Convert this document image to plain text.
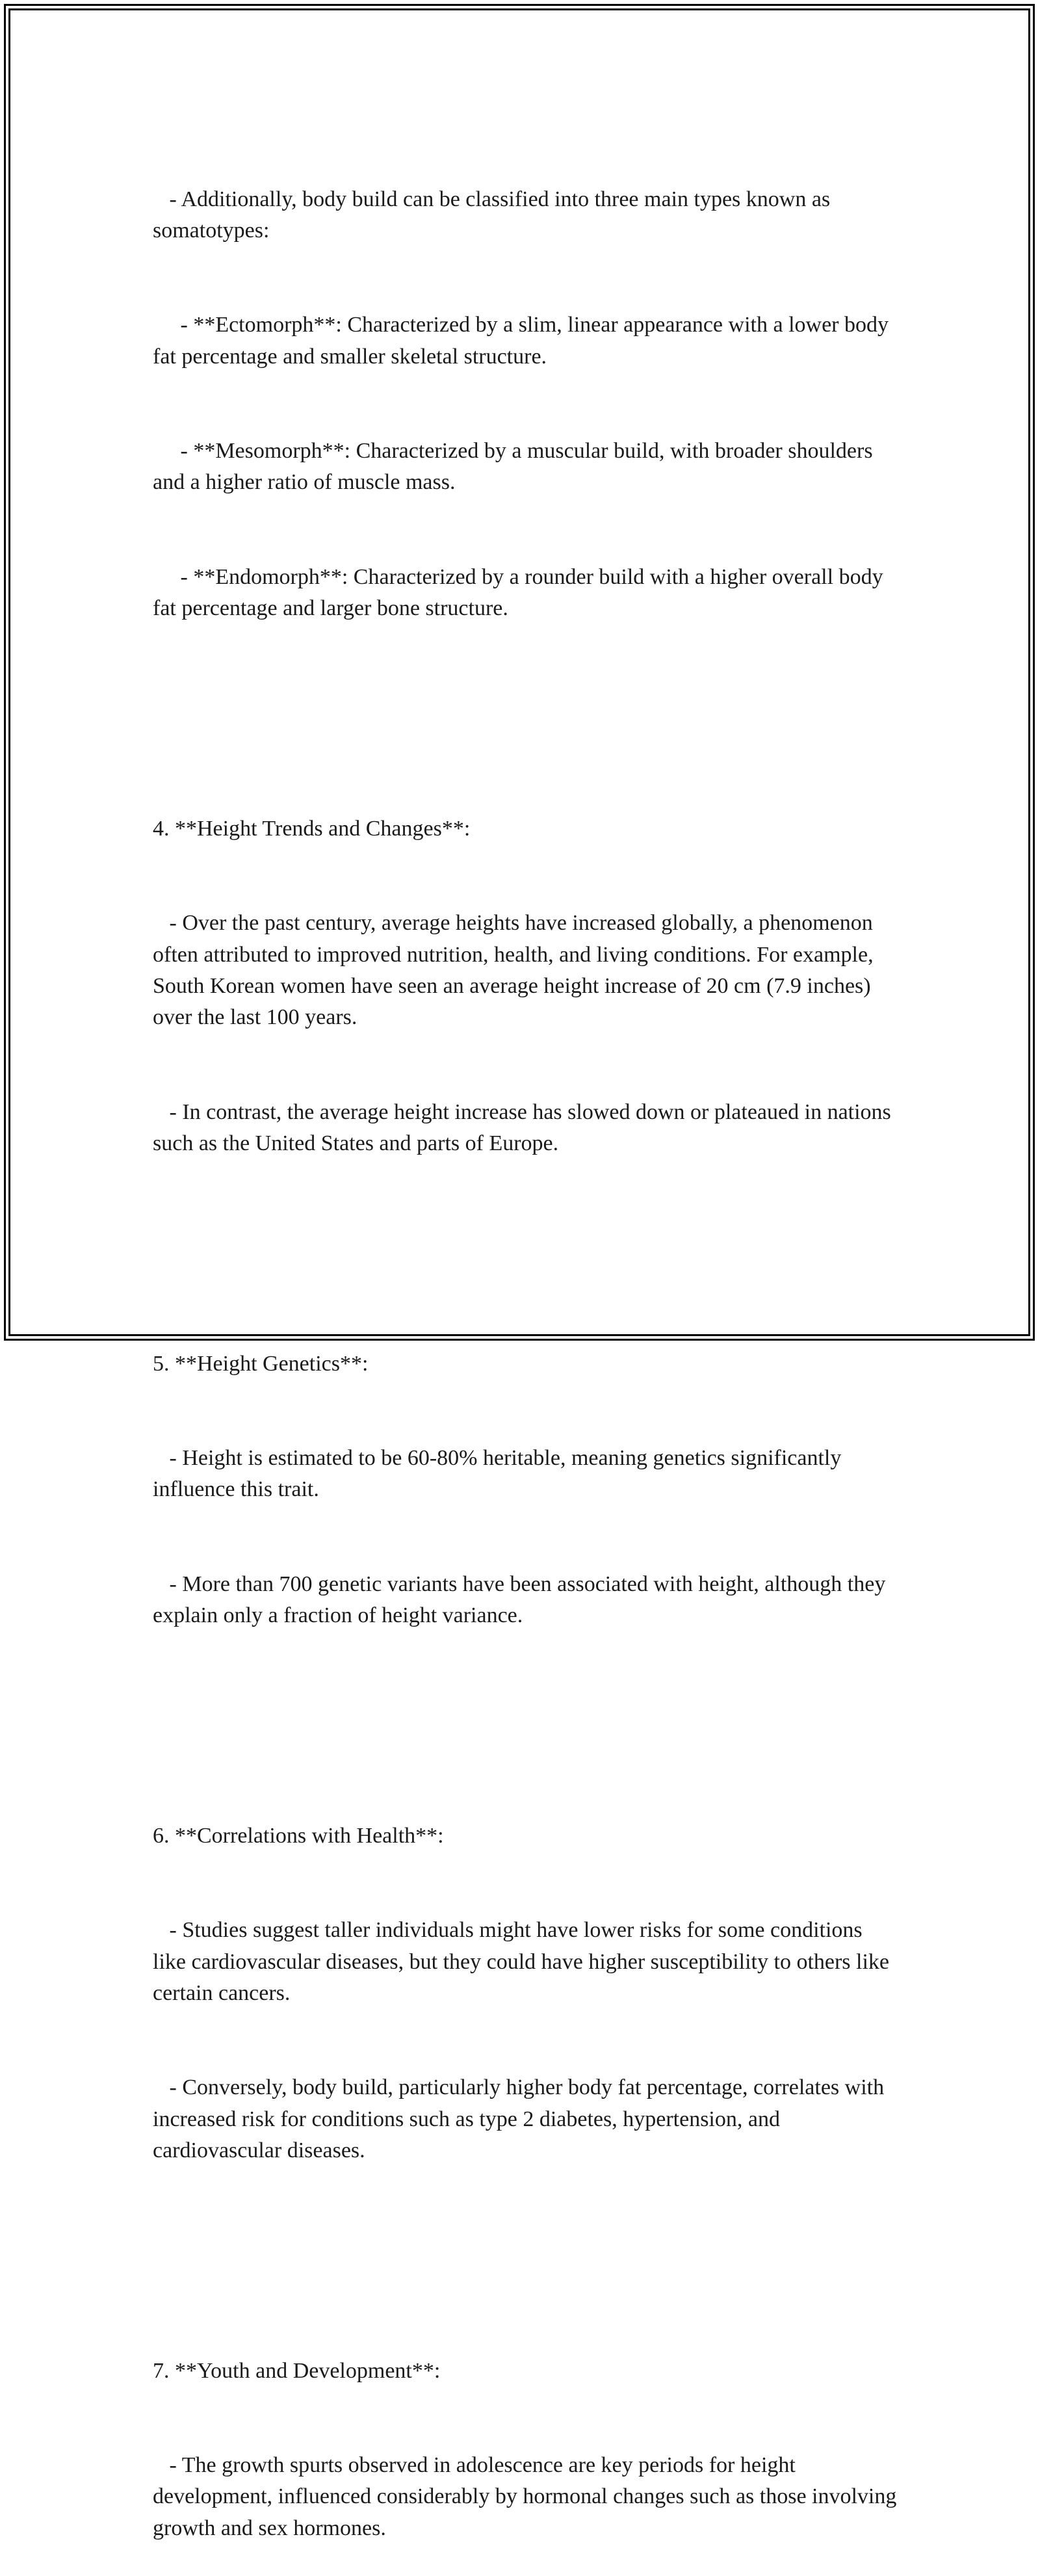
- Additionally, body build can be classified into three main types known as somatotypes:

- **Ectomorph**: Characterized by a slim, linear appearance with a lower body fat percentage and smaller skeletal structure.

- **Mesomorph**: Characterized by a muscular build, with broader shoulders and a higher ratio of muscle mass.

- **Endomorph**: Characterized by a rounder build with a higher overall body fat percentage and larger bone structure.

4. **Height Trends and Changes**:

- Over the past century, average heights have increased globally, a phenomenon often attributed to improved nutrition, health, and living conditions. For example, South Korean women have seen an average height increase of 20 cm (7.9 inches) over the last 100 years.

- In contrast, the average height increase has slowed down or plateaued in nations such as the United States and parts of Europe.

5. **Height Genetics**:

- Height is estimated to be 60-80% heritable, meaning genetics significantly influence this trait.

- More than 700 genetic variants have been associated with height, although they explain only a fraction of height variance.

6. **Correlations with Health**:

- Studies suggest taller individuals might have lower risks for some conditions like cardiovascular diseases, but they could have higher susceptibility to others like certain cancers.

- Conversely, body build, particularly higher body fat percentage, correlates with increased risk for conditions such as type 2 diabetes, hypertension, and cardiovascular diseases.

7. **Youth and Development**:

- The growth spurts observed in adolescence are key periods for height development, influenced considerably by hormonal changes such as those involving growth and sex hormones.
